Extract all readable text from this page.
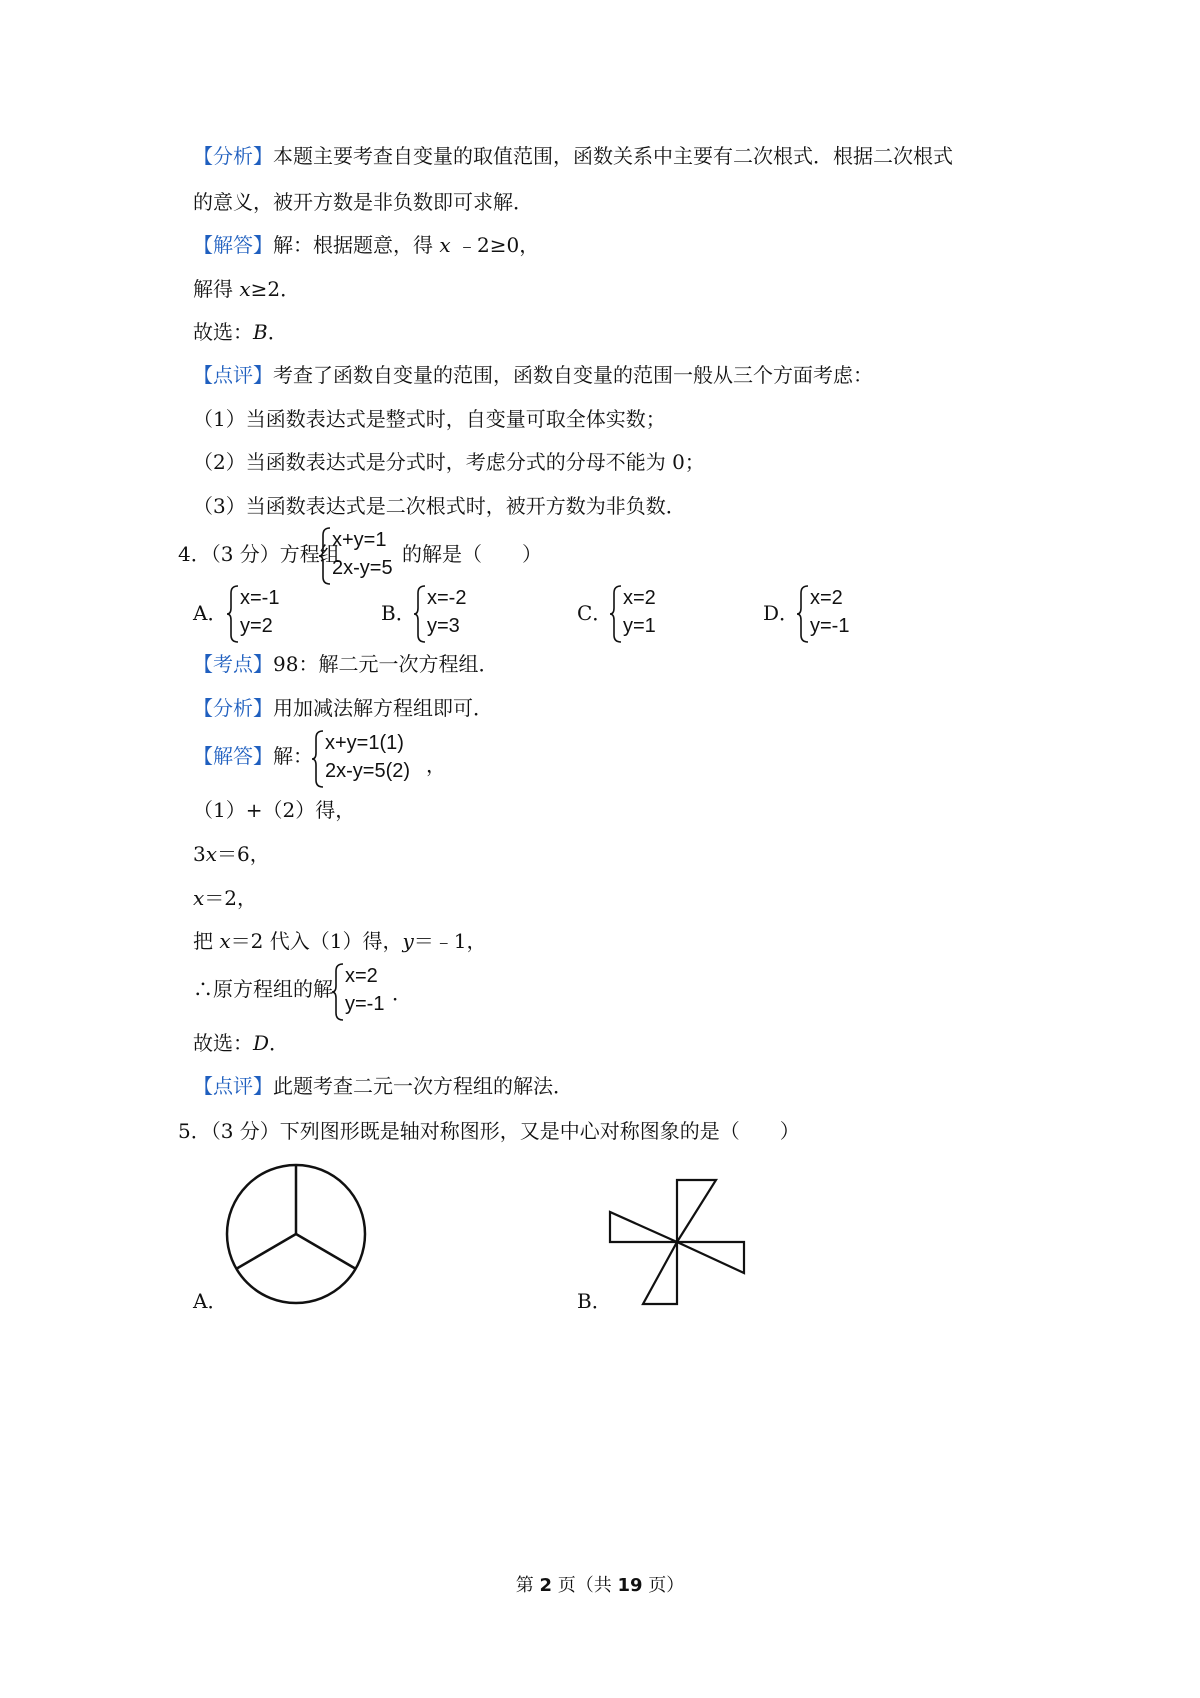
【分析】本题主要考查自变量的取值范围，函数关系中主要有二次根式．根据二次根式
的意义，被开方数是非负数即可求解．
【解答】解：根据题意，得 x ﹣2≥0，
解得 x≥2．
故选：B．
【点评】考查了函数自变量的范围，函数自变量的范围一般从三个方面考虑：
（1）当函数表达式是整式时，自变量可取全体实数；
（2）当函数表达式是分式时，考虑分式的分母不能为 0；
（3）当函数表达式是二次根式时，被开方数为非负数．
4．（3 分）方程组
x+y=1
2x-y=5
的解是（　　）
A．
x=-1
y=2
B．
x=-2
y=3
C．
x=2
y=1
D．
x=2
y=-1
【考点】98：解二元一次方程组．
【分析】用加减法解方程组即可．
【解答】解：
x+y=1(1)
2x-y=5(2) ，
（1）+（2）得，
3x＝6，
x＝2，
把 x＝2 代入（1）得，y＝﹣1，
∴原方程组的解
x=2
y=-1 ．
故选：D．
【点评】此题考查二元一次方程组的解法．
5．（3 分）下列图形既是轴对称图形，又是中心对称图象的是（　　）
A．	B．
第 2 页（共 19 页）
